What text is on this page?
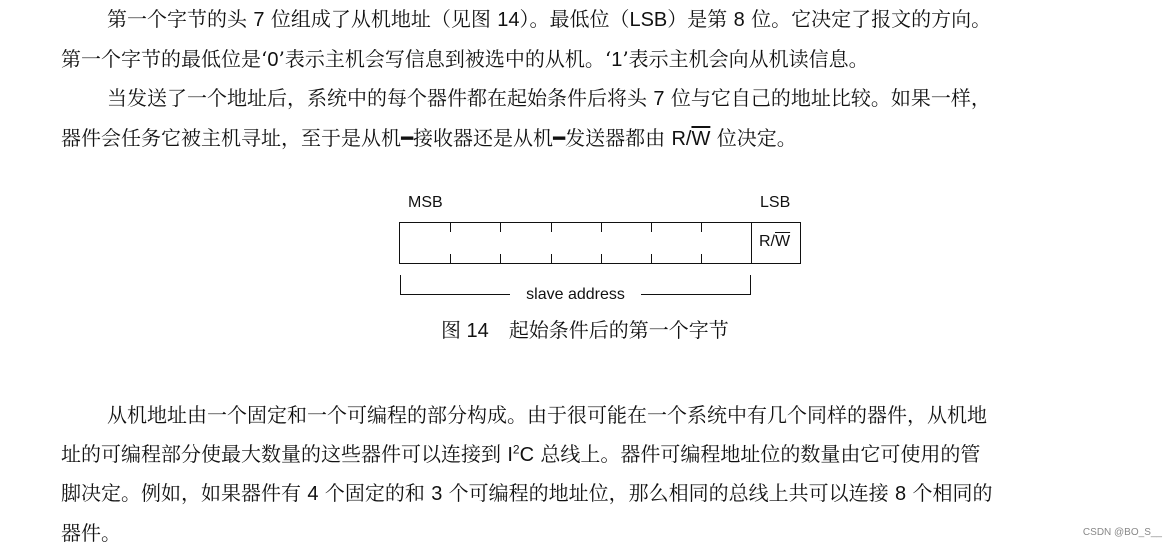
第一个字节的头 7 位组成了从机地址（见图 14）。最低位（LSB）是第 8 位。它决定了报文的方向。
第一个字节的最低位是‘0’表示主机会写信息到被选中的从机。‘1’表示主机会向从机读信息。
当发送了一个地址后，系统中的每个器件都在起始条件后将头 7 位与它自己的地址比较。如果一样，
器件会任务它被主机寻址，至于是从机━接收器还是从机━发送器都由 $R/\overline{W}$ 位决定。
MSB	LSB
$R/\overline{W}$
slave address
图 14 起始条件后的第一个字节
从机地址由一个固定和一个可编程的部分构成。由于很可能在一个系统中有几个同样的器件，从机地
址的可编程部分使最大数量的这些器件可以连接到 $I^2C$ 总线上。器件可编程地址位的数量由它可使用的管
脚决定。例如，如果器件有 4 个固定的和 3 个可编程的地址位，那么相同的总线上共可以连接 8 个相同的
器件。	CSDN @BO_S__
